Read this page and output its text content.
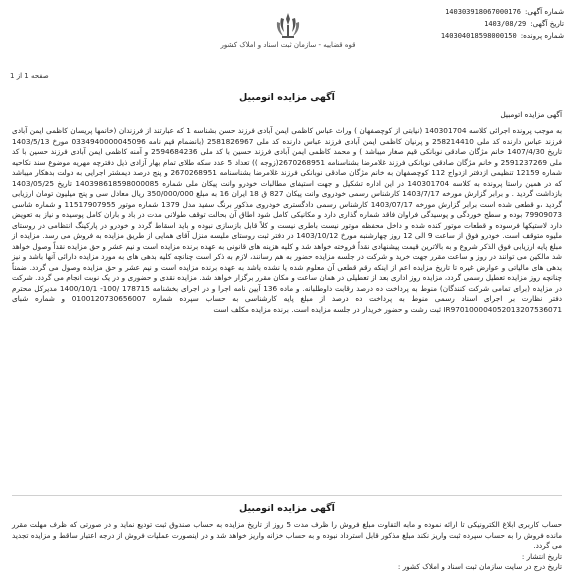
قوه قضاییه - سازمان ثبت اسناد و املاک کشور
شماره آگهی:
140303918067000176
تاریخ آگهی:
1403/08/29
شماره پرونده:
140304018598000150
صفحه 1 از 1
آگهی مزایده اتومبیل
آگهی مزایده اتومبیل
به موجب پرونده اجرائی کلاسه 140301704 (نیابتی از کوچصفهان ) وراث عباس کاظمی ایمن آبادی فرزند حسن بشناسه 1 که عبارتند از فرزندان (خانمها پریسان کاظمی ایمن آبادی فرزند عباس دارنده کد ملی 258214410 و پرنیان کاظمی ایمن آبادی فرزند عباس دارنده کد ملی 2581826967 (بانضمام قیم نامه 0334940000045096 مورخ 1403/5/13 تاریخ 1407/4/30 خانم مژگان صادقی نوبانکی قیم صغار میباشد ) و محمد کاظمی ایمن آبادی فرزند حسین با کد ملی 2594684236 و آمنه کاظمی ایمن آبادی فرزند حسین با کد ملی 2591237269 و خانم مژگان صادقی نوبانکی فرزند غلامرضا بشناسنامه 2670268951(زوجه )) تعداد 5 عدد سکه طلای تمام بهار آزادی ذیل دفترچه مهریه موضوع سند نکاحیه شماره 12159 تنظیمی ازدفتر ازدواج 112 کوچصفهان به خانم مژگان صادقی نوبانکی فرزند غلامرضا بشناسنامه 2670268951 و پنج درصد دیمشتر اجرایی به دولت بدهکار میباشد که در همین راستا پرونده به کلاسه 140301704 در این اداره تشکیل و جهت استیفای مطالبات خودرو وانت پیکان ملی شماره 140398618598000085 تاریخ 1403/05/25 بازداشت گردید . و برابر گزارش مورخه 1403/7/17 کارشناس رسمی خودروی وانت پیکان 827 ق 18 ایران 16 به مبلغ 350/000/000 ریال معادل سی و پنج میلیون تومان ارزیابی گردید ،و قطعی شده است برابر گزارش مورخه 1403/07/17 کارشناس رسمی دادگستری خودروی مذکور برنگ سفید مدل 1379 شماره موتور 11517907955 و شماره شاسی 79909073 بوده و سطح خوردگی و پوسیدگی فراوان فاقد شماره گذاری دارد و مکانیکی کامل شود اطاق آن بحالت توقف طولانی مدت در باد و باران کامل پوسیده و نیاز به تعویض دارد لاستیکها فرسوده و قطعات موتور کنده شده و داخل محفظه موتور نیست باطری نیست و کلاً قابل بازسازی نبوده و باید اسقاط گردد و خودرو در پارکینگ انتظامی در روستای ملیوه متوقف است. خودرو فوق از ساعت 9 الی 12 روز چهارشنبه مورخ 1403/10/12 در دفتر ثبت روستای ملیسه منزل آقای همایی از طریق مزایده به فروش می رسد. مزایده از مبلغ پایه ارزیابی فوق الذکر شروع و به بالاترین قیمت پیشنهادی نقداً فروخته خواهد شد و کلیه هزینه های قانونی به عهده برنده مزایده است و نیم عشر و حق مزایده نقداً وصول خواهد شد مالکین می توانند در روز و ساعت مقرر جهت خرید و شرکت در جلسه مزایده حضور به هم رسانند، لازم به ذکر است چنانچه کلیه بدهی های به مورد مزایده دارائی آنها باشد و نیز بدهی های مالیاتی و عوارض غیره تا تاریخ مزایده اعم از اینکه رقم قطعی آن معلوم شده یا نشده باشد به عهده برنده مزایده است و نیم عشر و حق مزایده وصول می گردد. ضمناً چنانچه روز مزایده تعطیل رسمی گردد، مزایده روز اداری بعد از تعطیلی در همان ساعت و مکان مقرر برگزار خواهد شد. مزایده نقدی و حضوری و در یک نوبت انجام می گردد. شرکت در مزایده (برای تمامی شرکت کنندگان) منوط به پرداخت ده درصد رقابت داوطلبانه. و ماده 136 آیین نامه اجرا و در اجرای بخشنامه 178715 /100- 1400/10/1 مدیرکل محترم دفتر نظارت بر اجرای اسناد رسمی منوط به پرداخت ده درصد از مبلغ پایه کارشناسی به حساب سپرده شماره 0100120730656007 و شماره شبای IR970100004052013207536071 ثبت رشت و حضور خریدار در جلسه مزایده است. برنده مزایده مکلف است
آگهی مزایده اتومبیل
حساب کاربری ابلاغ الکترونیکی تا ارائه نموده و مابه التفاوت مبلغ فروش را ظرف مدت 5 روز از تاریخ مزایده به حساب صندوق ثبت تودیع نماید و در صورتی که ظرف مهلت مقرر مانده فروش را به حساب سپرده ثبت واریز نکند مبلغ مذکور قابل استرداد نبوده و به حساب خزانه واریز خواهد شد و در اینصورت عملیات فروش از درجه اعتبار ساقط و مزایده تجدید می گردد.
تاریخ انتشار :
تاریخ درج در سایت سازمان ثبت اسناد و املاک کشور :
